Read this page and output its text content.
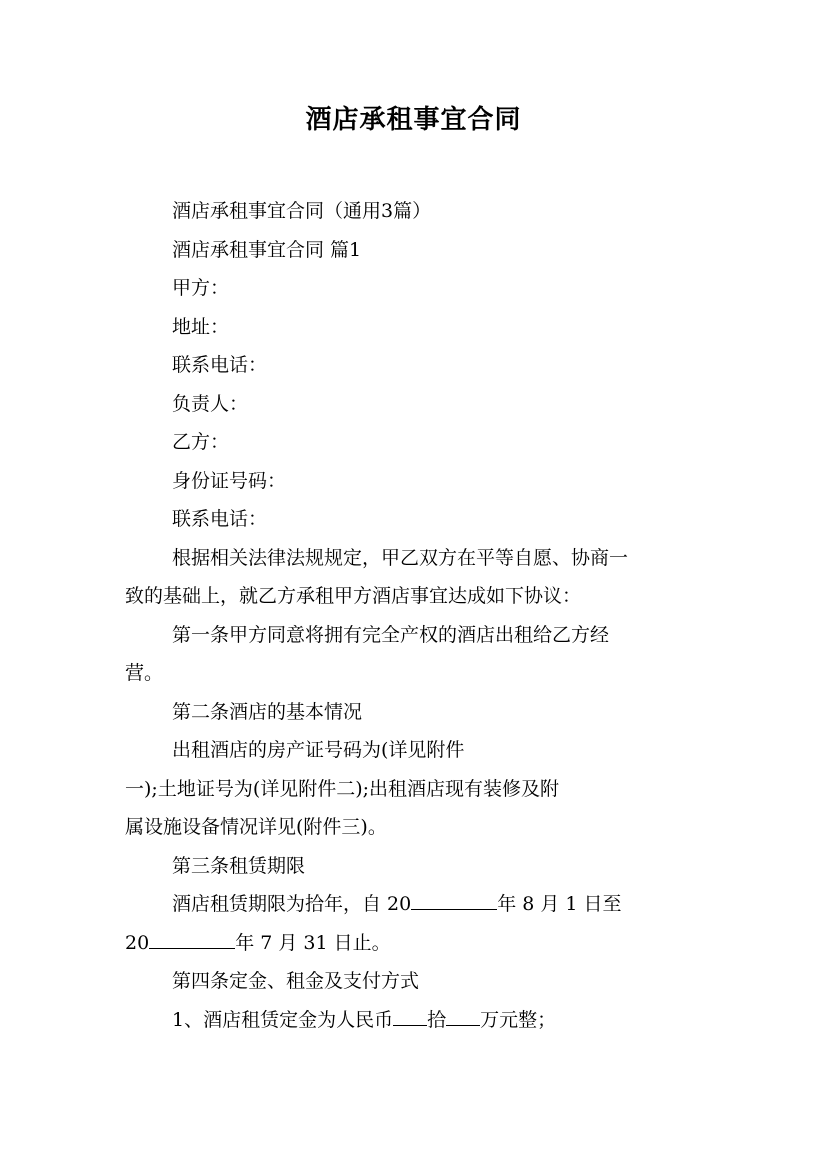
酒店承租事宜合同
酒店承租事宜合同（通用3篇）
酒店承租事宜合同 篇1
甲方：
地址：
联系电话：
负责人：
乙方：
身份证号码：
联系电话：
根据相关法律法规规定，甲乙双方在平等自愿、协商一
致的基础上，就乙方承租甲方酒店事宜达成如下协议：
第一条甲方同意将拥有完全产权的酒店出租给乙方经
营。
第二条酒店的基本情况
出租酒店的房产证号码为(详见附件
一);土地证号为(详见附件二);出租酒店现有装修及附
属设施设备情况详见(附件三)。
第三条租赁期限
酒店租赁期限为拾年，自 20	年 8 月 1 日至
20	年 7 月 31 日止。
第四条定金、租金及支付方式
1、酒店租赁定金为人民币 拾 万元整；
